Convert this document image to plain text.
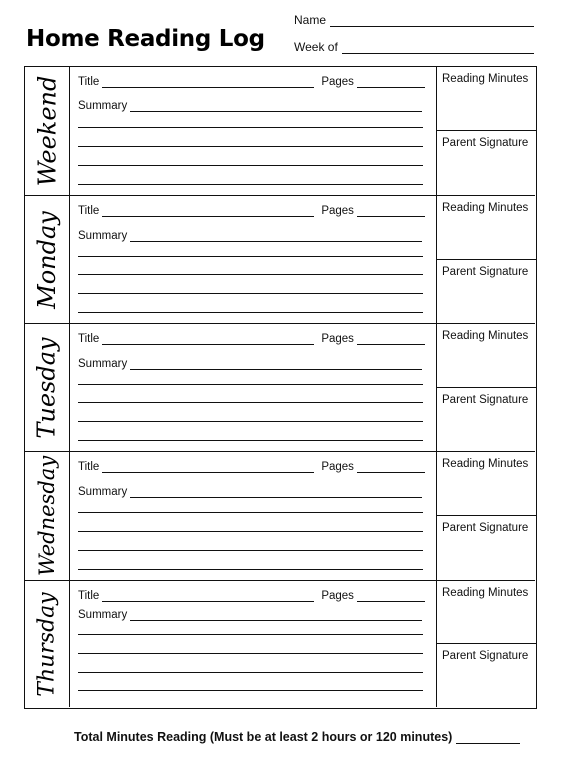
Home Reading Log
Name
Week of
Weekend Title	Pages
Summary
Reading Minutes
Parent Signature
Monday Title	Pages
Summary
Reading Minutes
Parent Signature
Tuesday Title	Pages
Summary
Reading Minutes
Parent Signature
Wednesday Title	Pages
Summary
Reading Minutes
Parent Signature
Thursday Title	Pages
Summary
Reading Minutes
Parent Signature
Total Minutes Reading (Must be at least 2 hours or 120 minutes)
